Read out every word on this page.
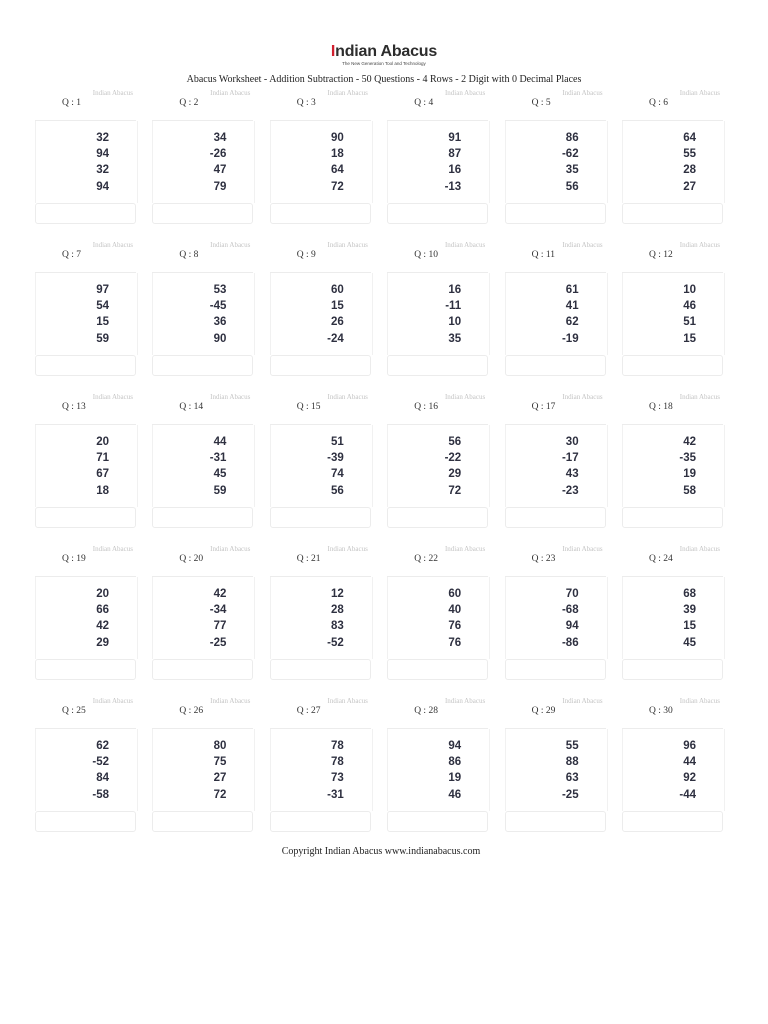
Indian Abacus
The New Generation Tool and Technology
Abacus Worksheet - Addition Subtraction - 50 Questions - 4 Rows - 2 Digit with 0 Decimal Places
Indian Abacus
Q : 1
32
94
32
94
Indian Abacus
Q : 2
34
-26
47
79
Indian Abacus
Q : 3
90
18
64
72
Indian Abacus
Q : 4
91
87
16
-13
Indian Abacus
Q : 5
86
-62
35
56
Indian Abacus
Q : 6
64
55
28
27
Indian Abacus
Q : 7
97
54
15
59
Indian Abacus
Q : 8
53
-45
36
90
Indian Abacus
Q : 9
60
15
26
-24
Indian Abacus
Q : 10
16
-11
10
35
Indian Abacus
Q : 11
61
41
62
-19
Indian Abacus
Q : 12
10
46
51
15
Indian Abacus
Q : 13
20
71
67
18
Indian Abacus
Q : 14
44
-31
45
59
Indian Abacus
Q : 15
51
-39
74
56
Indian Abacus
Q : 16
56
-22
29
72
Indian Abacus
Q : 17
30
-17
43
-23
Indian Abacus
Q : 18
42
-35
19
58
Indian Abacus
Q : 19
20
66
42
29
Indian Abacus
Q : 20
42
-34
77
-25
Indian Abacus
Q : 21
12
28
83
-52
Indian Abacus
Q : 22
60
40
76
76
Indian Abacus
Q : 23
70
-68
94
-86
Indian Abacus
Q : 24
68
39
15
45
Indian Abacus
Q : 25
62
-52
84
-58
Indian Abacus
Q : 26
80
75
27
72
Indian Abacus
Q : 27
78
78
73
-31
Indian Abacus
Q : 28
94
86
19
46
Indian Abacus
Q : 29
55
88
63
-25
Indian Abacus
Q : 30
96
44
92
-44
Copyright Indian Abacus www.indianabacus.com
